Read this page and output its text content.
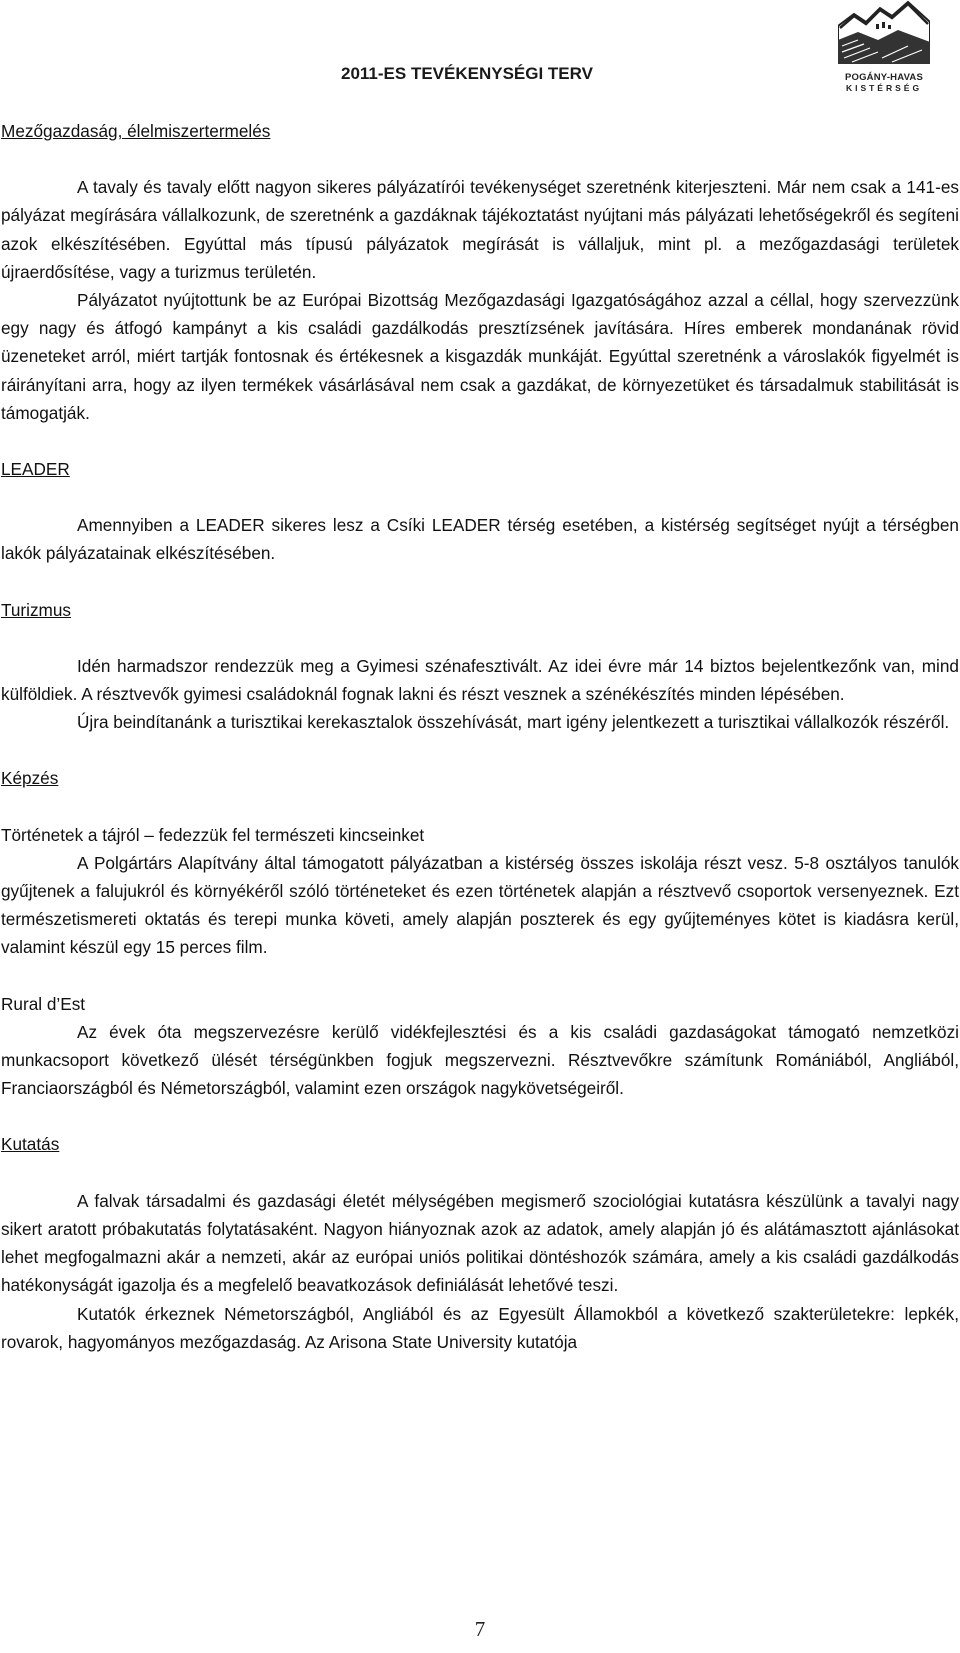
POGÁNY-HAVAS
KISTÉRSÉG
2011-ES TEVÉKENYSÉGI TERV

Mezőgazdaság, élelmiszertermelés

A tavaly és tavaly előtt nagyon sikeres pályázatírói tevékenységet szeretnénk kiterjeszteni. Már nem csak a 141-es pályázat megírására vállalkozunk, de szeretnénk a gazdáknak tájékoztatást nyújtani más pályázati lehetőségekről és segíteni azok elkészítésében. Egyúttal más típusú pályázatok megírását is vállaljuk, mint pl. a mezőgazdasági területek újraerdősítése, vagy a turizmus területén.

Pályázatot nyújtottunk be az Európai Bizottság Mezőgazdasági Igazgatóságához azzal a céllal, hogy szervezzünk egy nagy és átfogó kampányt a kis családi gazdálkodás presztízsének javítására. Híres emberek mondanának rövid üzeneteket arról, miért tartják fontosnak és értékesnek a kisgazdák munkáját. Egyúttal szeretnénk a városlakók figyelmét is ráirányítani arra, hogy az ilyen termékek vásárlásával nem csak a gazdákat, de környezetüket és társadalmuk stabilitását is támogatják.

LEADER

Amennyiben a LEADER sikeres lesz a Csíki LEADER térség esetében, a kistérség segítséget nyújt a térségben lakók pályázatainak elkészítésében.

Turizmus

Idén harmadszor rendezzük meg a Gyimesi szénafesztivált. Az idei évre már 14 biztos bejelentkezőnk van, mind külföldiek. A résztvevők gyimesi családoknál fognak lakni és részt vesznek a szénékészítés minden lépésében.

Újra beindítanánk a turisztikai kerekasztalok összehívását, mart igény jelentkezett a turisztikai vállalkozók részéről.

Képzés

Történetek a tájról – fedezzük fel természeti kincseinket

A Polgártárs Alapítvány által támogatott pályázatban a kistérség összes iskolája részt vesz. 5-8 osztályos tanulók gyűjtenek a falujukról és környékéről szóló történeteket és ezen történetek alapján a résztvevő csoportok versenyeznek. Ezt természetismereti oktatás és terepi munka követi, amely alapján poszterek és egy gyűjteményes kötet is kiadásra kerül, valamint készül egy 15 perces film.

Rural d’Est

Az évek óta megszervezésre kerülő vidékfejlesztési és a kis családi gazdaságokat támogató nemzetközi munkacsoport következő ülését térségünkben fogjuk megszervezni. Résztvevőkre számítunk Romániából, Angliából, Franciaországból és Németországból, valamint ezen országok nagykövetségeiről.

Kutatás

A falvak társadalmi és gazdasági életét mélységében megismerő szociológiai kutatásra készülünk a tavalyi nagy sikert aratott próbakutatás folytatásaként. Nagyon hiányoznak azok az adatok, amely alapján jó és alátámasztott ajánlásokat lehet megfogalmazni akár a nemzeti, akár az európai uniós politikai döntéshozók számára, amely a kis családi gazdálkodás hatékonyságát igazolja és a megfelelő beavatkozások definiálását lehetővé teszi.

Kutatók érkeznek Németországból, Angliából és az Egyesült Államokból a következő szakterületekre: lepkék, rovarok, hagyományos mezőgazdaság. Az Arisona State University kutatója

7
